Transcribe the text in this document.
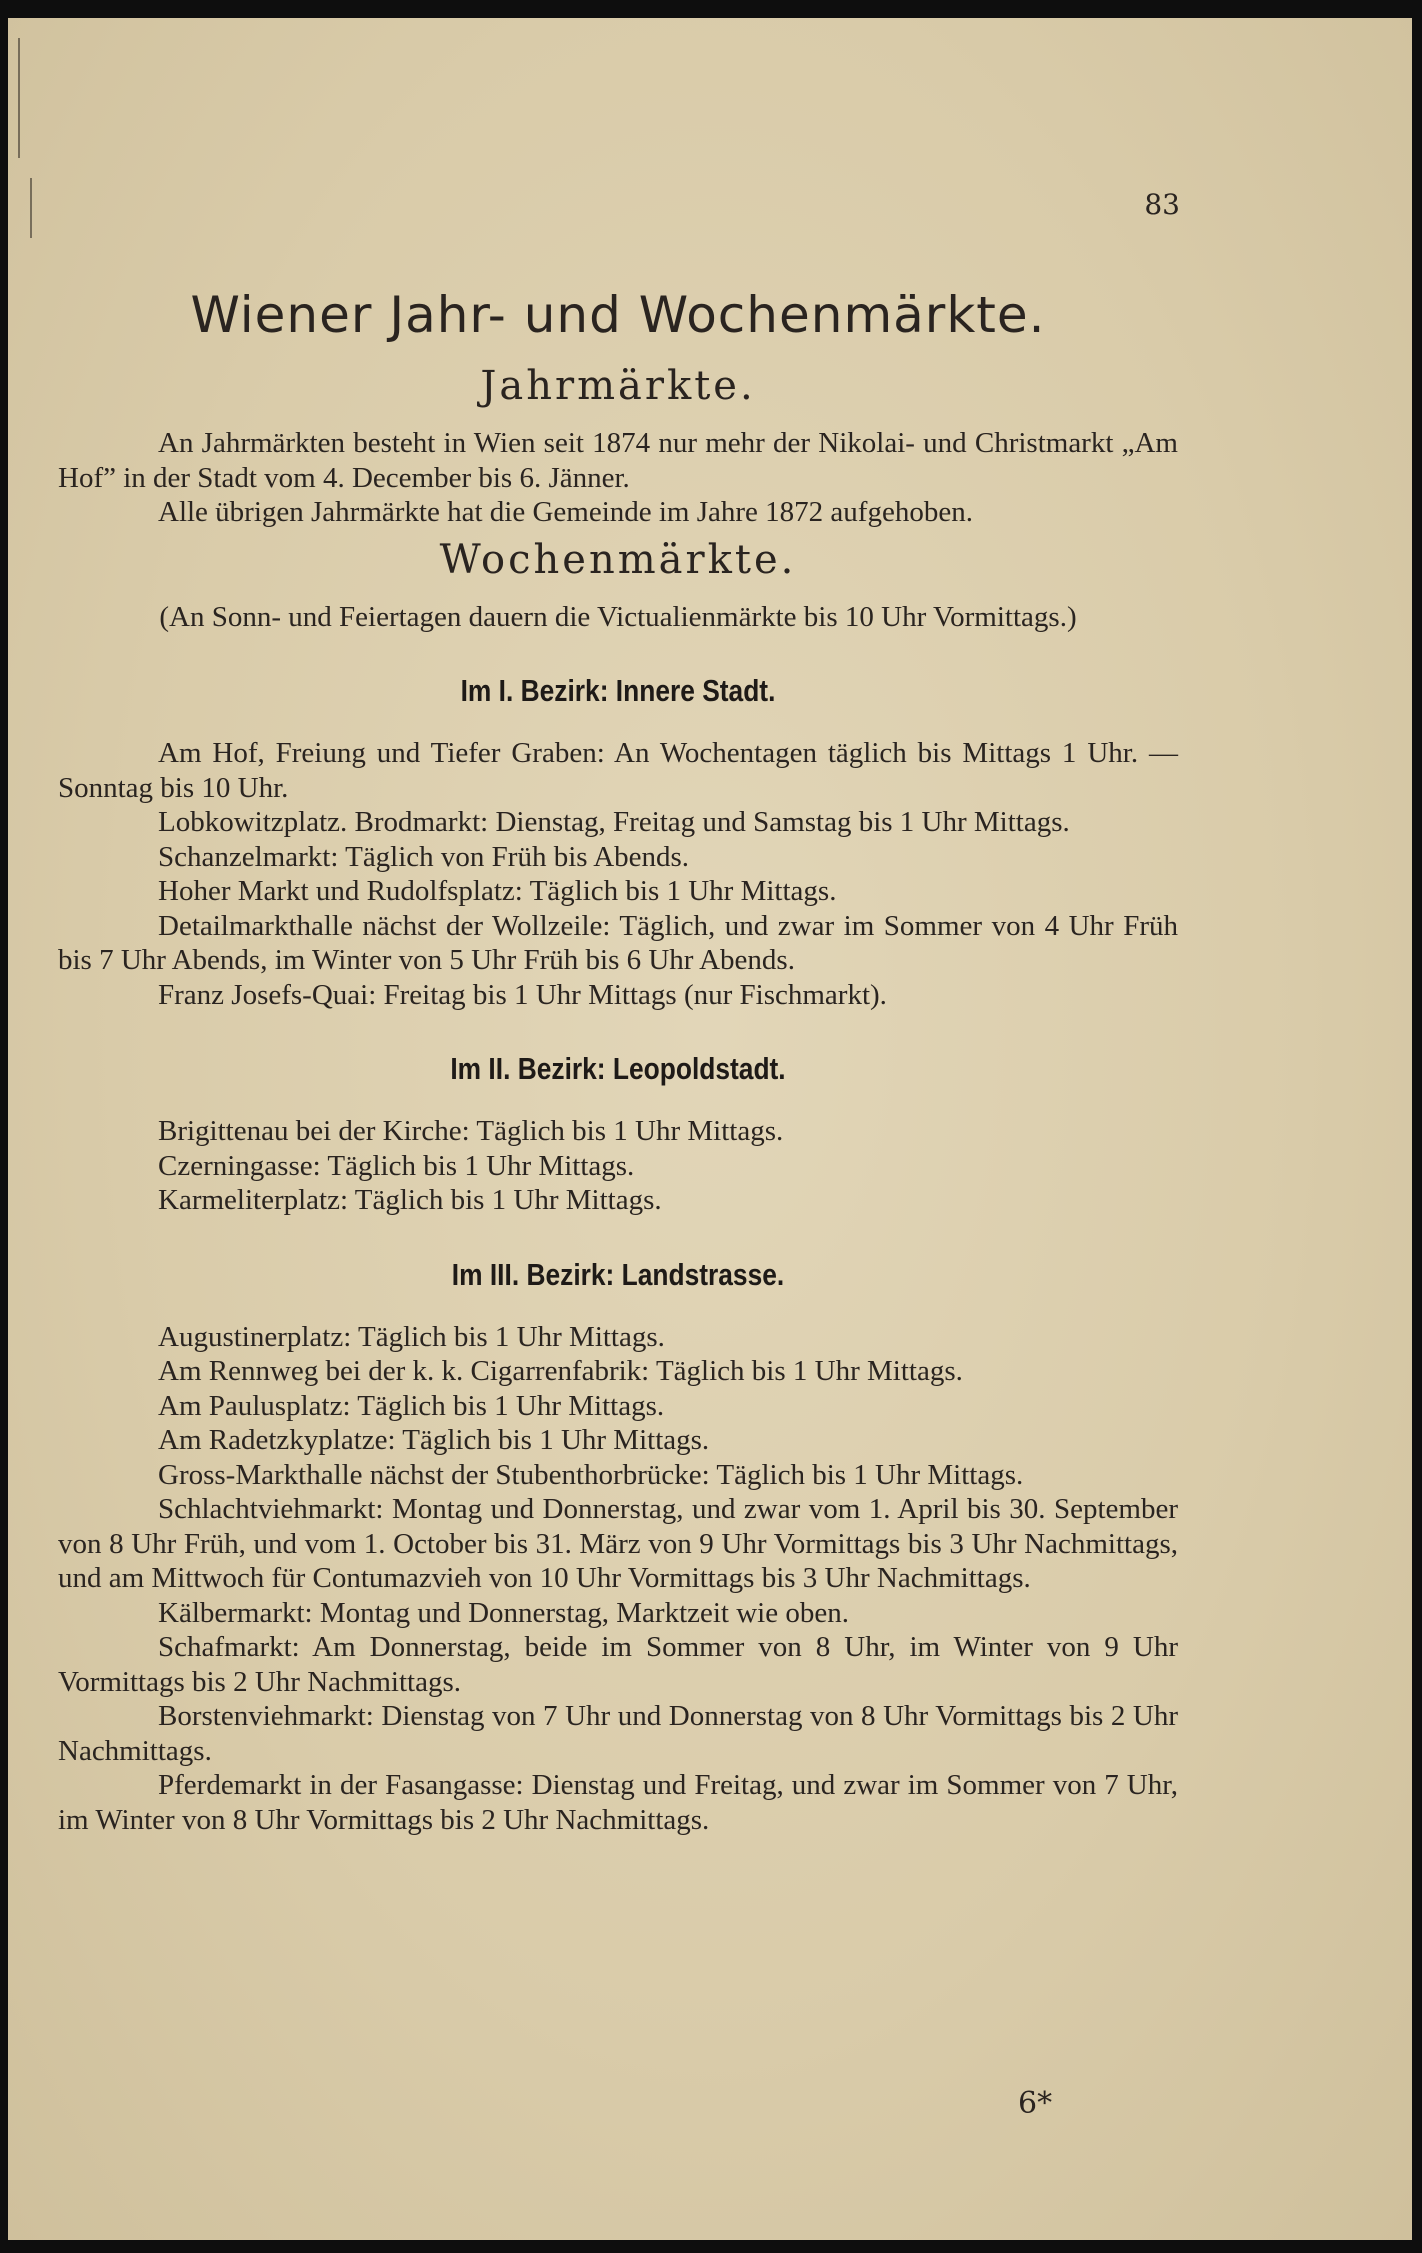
83
Wiener Jahr- und Wochenmärkte.
Jahrmärkte.

An Jahrmärkten besteht in Wien seit 1874 nur mehr der Nikolai- und Christmarkt „Am Hof” in der Stadt vom 4. December bis 6. Jänner.

Alle übrigen Jahrmärkte hat die Gemeinde im Jahre 1872 aufgehoben.

Wochenmärkte.

(An Sonn- und Feiertagen dauern die Victualienmärkte bis 10 Uhr Vormittags.)

Im I. Bezirk: Innere Stadt.

Am Hof, Freiung und Tiefer Graben: An Wochentagen täglich bis Mittags 1 Uhr. — Sonntag bis 10 Uhr.

Lobkowitzplatz. Brodmarkt: Dienstag, Freitag und Samstag bis 1 Uhr Mittags.

Schanzelmarkt: Täglich von Früh bis Abends.

Hoher Markt und Rudolfsplatz: Täglich bis 1 Uhr Mittags.

Detailmarkthalle nächst der Wollzeile: Täglich, und zwar im Sommer von 4 Uhr Früh bis 7 Uhr Abends, im Winter von 5 Uhr Früh bis 6 Uhr Abends.

Franz Josefs-Quai: Freitag bis 1 Uhr Mittags (nur Fischmarkt).

Im II. Bezirk: Leopoldstadt.

Brigittenau bei der Kirche: Täglich bis 1 Uhr Mittags.

Czerningasse: Täglich bis 1 Uhr Mittags.

Karmeliterplatz: Täglich bis 1 Uhr Mittags.

Im III. Bezirk: Landstrasse.

Augustinerplatz: Täglich bis 1 Uhr Mittags.

Am Rennweg bei der k. k. Cigarrenfabrik: Täglich bis 1 Uhr Mittags.

Am Paulusplatz: Täglich bis 1 Uhr Mittags.

Am Radetzkyplatze: Täglich bis 1 Uhr Mittags.

Gross-Markthalle nächst der Stubenthorbrücke: Täglich bis 1 Uhr Mittags.

Schlachtviehmarkt: Montag und Donnerstag, und zwar vom 1. April bis 30. September von 8 Uhr Früh, und vom 1. October bis 31. März von 9 Uhr Vormittags bis 3 Uhr Nachmittags, und am Mittwoch für Contumazvieh von 10 Uhr Vormittags bis 3 Uhr Nachmittags.

Kälbermarkt: Montag und Donnerstag, Marktzeit wie oben.

Schafmarkt: Am Donnerstag, beide im Sommer von 8 Uhr, im Winter von 9 Uhr Vormittags bis 2 Uhr Nachmittags.

Borstenviehmarkt: Dienstag von 7 Uhr und Donnerstag von 8 Uhr Vormittags bis 2 Uhr Nachmittags.

Pferdemarkt in der Fasangasse: Dienstag und Freitag, und zwar im Sommer von 7 Uhr, im Winter von 8 Uhr Vormittags bis 2 Uhr Nachmittags.

6*
